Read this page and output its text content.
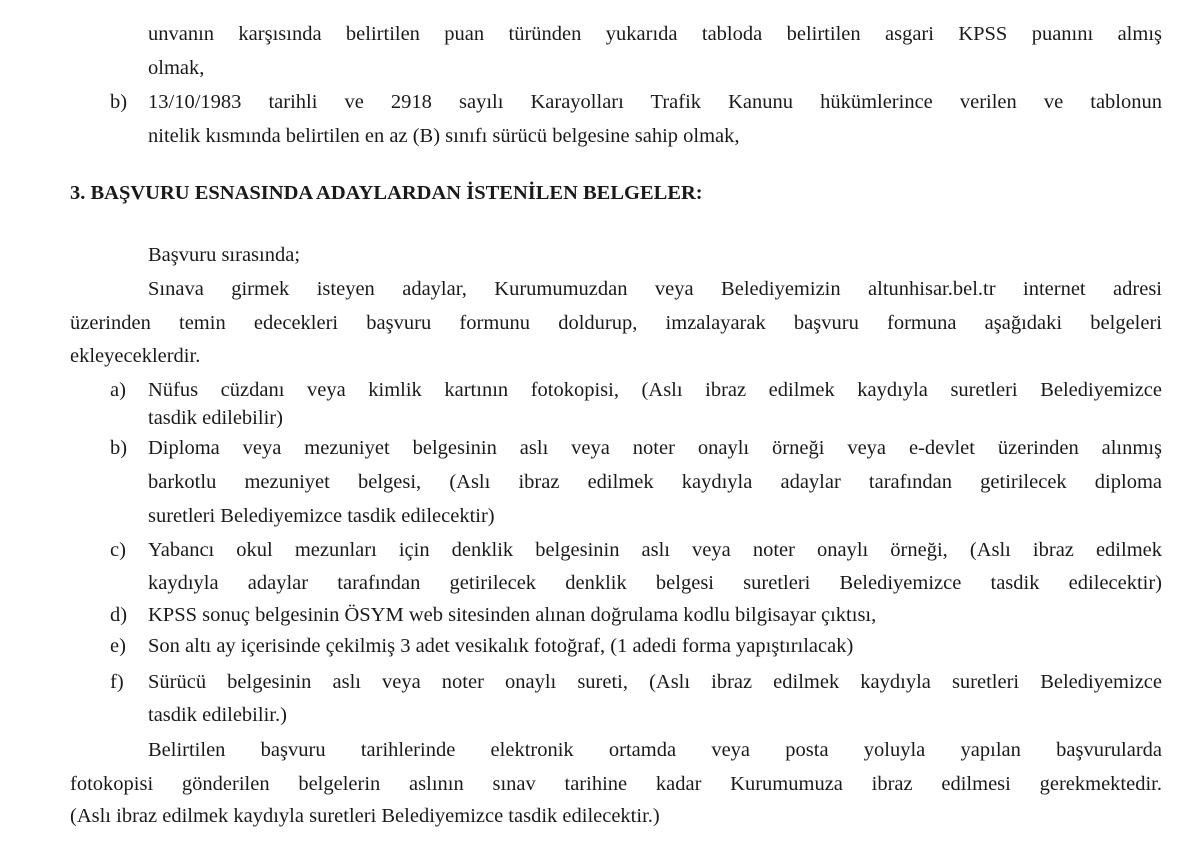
unvanın karşısında belirtilen puan türünden yukarıda tabloda belirtilen asgari KPSS puanını almış
olmak,
b) 13/10/1983 tarihli ve 2918 sayılı Karayolları Trafik Kanunu hükümlerince verilen ve tablonun
nitelik kısmında belirtilen en az (B) sınıfı sürücü belgesine sahip olmak,
3. BAŞVURU ESNASINDA ADAYLARDAN İSTENİLEN BELGELER:
Başvuru sırasında;
Sınava girmek isteyen adaylar, Kurumumuzdan veya Belediyemizin altunhisar.bel.tr internet adresi
üzerinden temin edecekleri başvuru formunu doldurup, imzalayarak başvuru formuna aşağıdaki belgeleri
ekleyeceklerdir.
a) Nüfus cüzdanı veya kimlik kartının fotokopisi, (Aslı ibraz edilmek kaydıyla suretleri Belediyemizce
tasdik edilebilir)
b) Diploma veya mezuniyet belgesinin aslı veya noter onaylı örneği veya e-devlet üzerinden alınmış
barkotlu mezuniyet belgesi, (Aslı ibraz edilmek kaydıyla adaylar tarafından getirilecek diploma
suretleri Belediyemizce tasdik edilecektir)
c) Yabancı okul mezunları için denklik belgesinin aslı veya noter onaylı örneği, (Aslı ibraz edilmek
kaydıyla adaylar tarafından getirilecek denklik belgesi suretleri Belediyemizce tasdik edilecektir)
d) KPSS sonuç belgesinin ÖSYM web sitesinden alınan doğrulama kodlu bilgisayar çıktısı,
e) Son altı ay içerisinde çekilmiş 3 adet vesikalık fotoğraf, (1 adedi forma yapıştırılacak)
f) Sürücü belgesinin aslı veya noter onaylı sureti, (Aslı ibraz edilmek kaydıyla suretleri Belediyemizce
tasdik edilebilir.)
Belirtilen başvuru tarihlerinde elektronik ortamda veya posta yoluyla yapılan başvurularda
fotokopisi gönderilen belgelerin aslının sınav tarihine kadar Kurumumuza ibraz edilmesi gerekmektedir.
(Aslı ibraz edilmek kaydıyla suretleri Belediyemizce tasdik edilecektir.)
